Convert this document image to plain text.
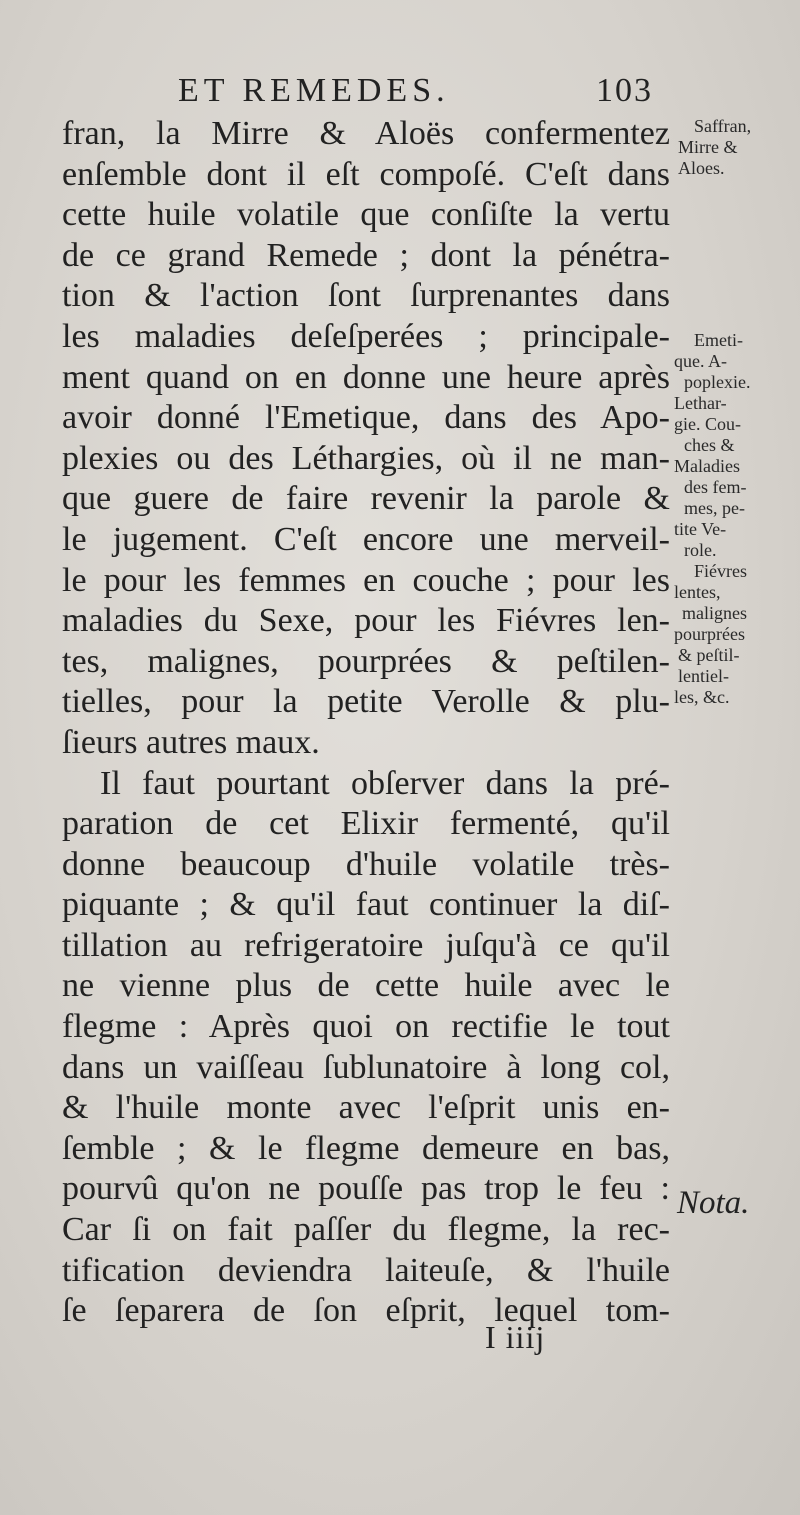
ET REMEDES.	103
fran, la Mirre & Aloës confermentez
enſemble dont il eſt compoſé. C'eſt dans
cette huile volatile que conſiſte la vertu
de ce grand Remede ; dont la pénétra-
tion & l'action ſont ſurprenantes dans
les maladies deſeſperées ; principale-
ment quand on en donne une heure après
avoir donné l'Emetique, dans des Apo-
plexies ou des Léthargies, où il ne man-
que guere de faire revenir la parole &
le jugement. C'eſt encore une merveil-
le pour les femmes en couche ; pour les
maladies du Sexe, pour les Fiévres len-
tes, malignes, pourprées & peſtilen-
tielles, pour la petite Verolle & plu-
ſieurs autres maux.
Il faut pourtant obſerver dans la pré-
paration de cet Elixir fermenté, qu'il
donne beaucoup d'huile volatile très-
piquante ; & qu'il faut continuer la diſ-
tillation au refrigeratoire juſqu'à ce qu'il
ne vienne plus de cette huile avec le
flegme : Après quoi on rectifie le tout
dans un vaiſſeau ſublunatoire à long col,
& l'huile monte avec l'eſprit unis en-
ſemble ; & le flegme demeure en bas,
pourvû qu'on ne pouſſe pas trop le feu :
Car ſi on fait paſſer du flegme, la rec-
tification deviendra laiteuſe, & l'huile
ſe ſeparera de ſon eſprit, lequel tom-
I iiij
Saffran,
Mirre &
Aloes.
Emeti-
que. A-
poplexie.
Lethar-
gie. Cou-
ches &
Maladies
des fem-
mes, pe-
tite Ve-
role.
Fiévres
lentes,
malignes
pourprées
& peſtil-
lentiel-
les, &c.
Nota.
